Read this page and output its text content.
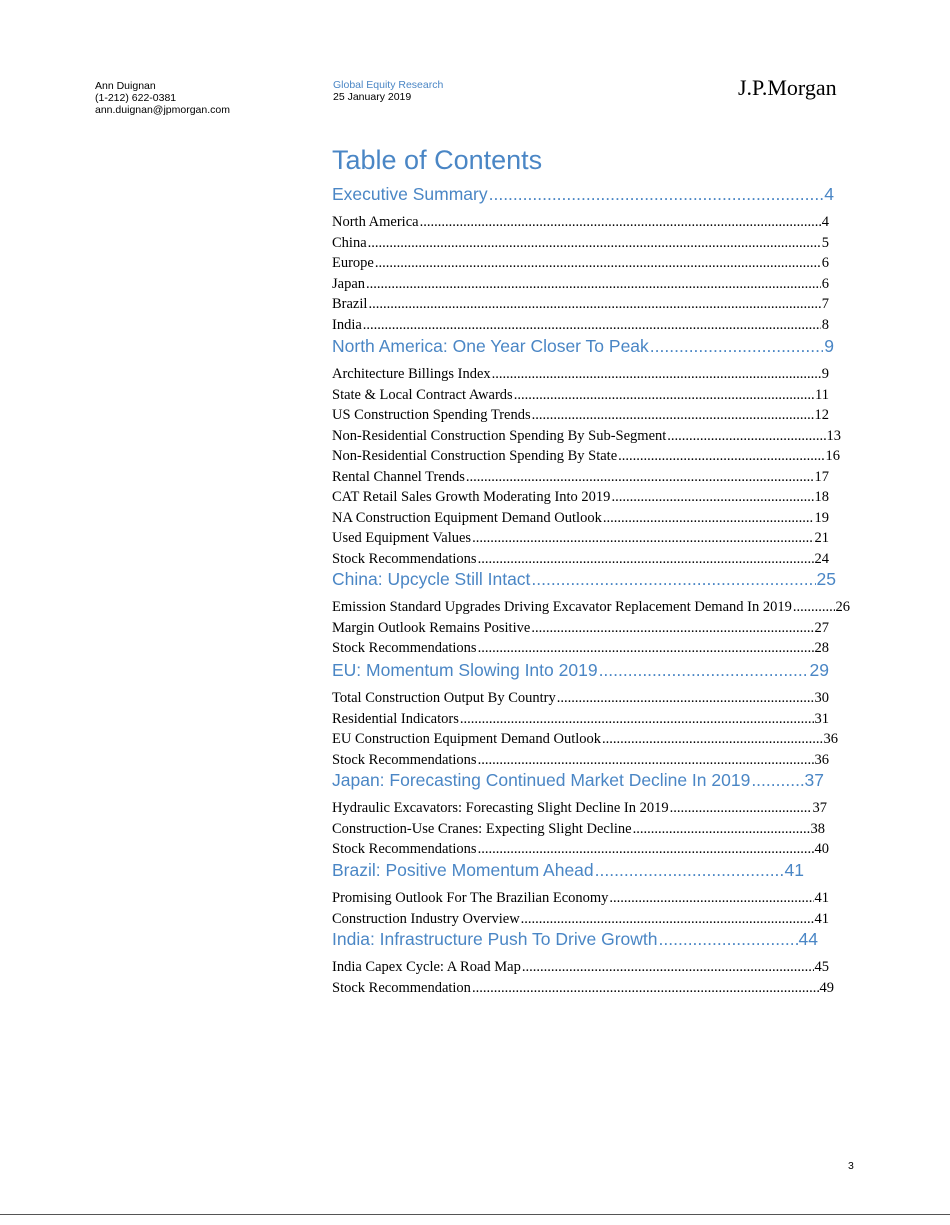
Ann Duignan
(1-212) 622-0381
ann.duignan@jpmorgan.com
Global Equity Research
25 January 2019	J.P.Morgan
Table of Contents
Executive Summary .....	4
North America .....	4
China .....	5
Europe .....	6
Japan .....	6
Brazil .....	7
India .....	8
North America: One Year Closer To Peak .....	9
Architecture Billings Index .....	9
State & Local Contract Awards .....	11
US Construction Spending Trends .....	12
Non-Residential Construction Spending By Sub-Segment .....	13
Non-Residential Construction Spending By State .....	16
Rental Channel Trends .....	17
CAT Retail Sales Growth Moderating Into 2019 .....	18
NA Construction Equipment Demand Outlook .....	19
Used Equipment Values .....	21
Stock Recommendations .....	24
China: Upcycle Still Intact .....	25
Emission Standard Upgrades Driving Excavator Replacement Demand In 2019 .....	26
Margin Outlook Remains Positive .....	27
Stock Recommendations .....	28
EU: Momentum Slowing Into 2019 .....	29
Total Construction Output By Country .....	30
Residential Indicators .....	31
EU Construction Equipment Demand Outlook .....	36
Stock Recommendations .....	36
Japan: Forecasting Continued Market Decline In 2019 .....	37
Hydraulic Excavators: Forecasting Slight Decline In 2019 .....	37
Construction-Use Cranes: Expecting Slight Decline .....	38
Stock Recommendations .....	40
Brazil: Positive Momentum Ahead .....	41
Promising Outlook For The Brazilian Economy .....	41
Construction Industry Overview .....	41
India: Infrastructure Push To Drive Growth .....	44
India Capex Cycle: A Road Map .....	45
Stock Recommendation .....	49
3
